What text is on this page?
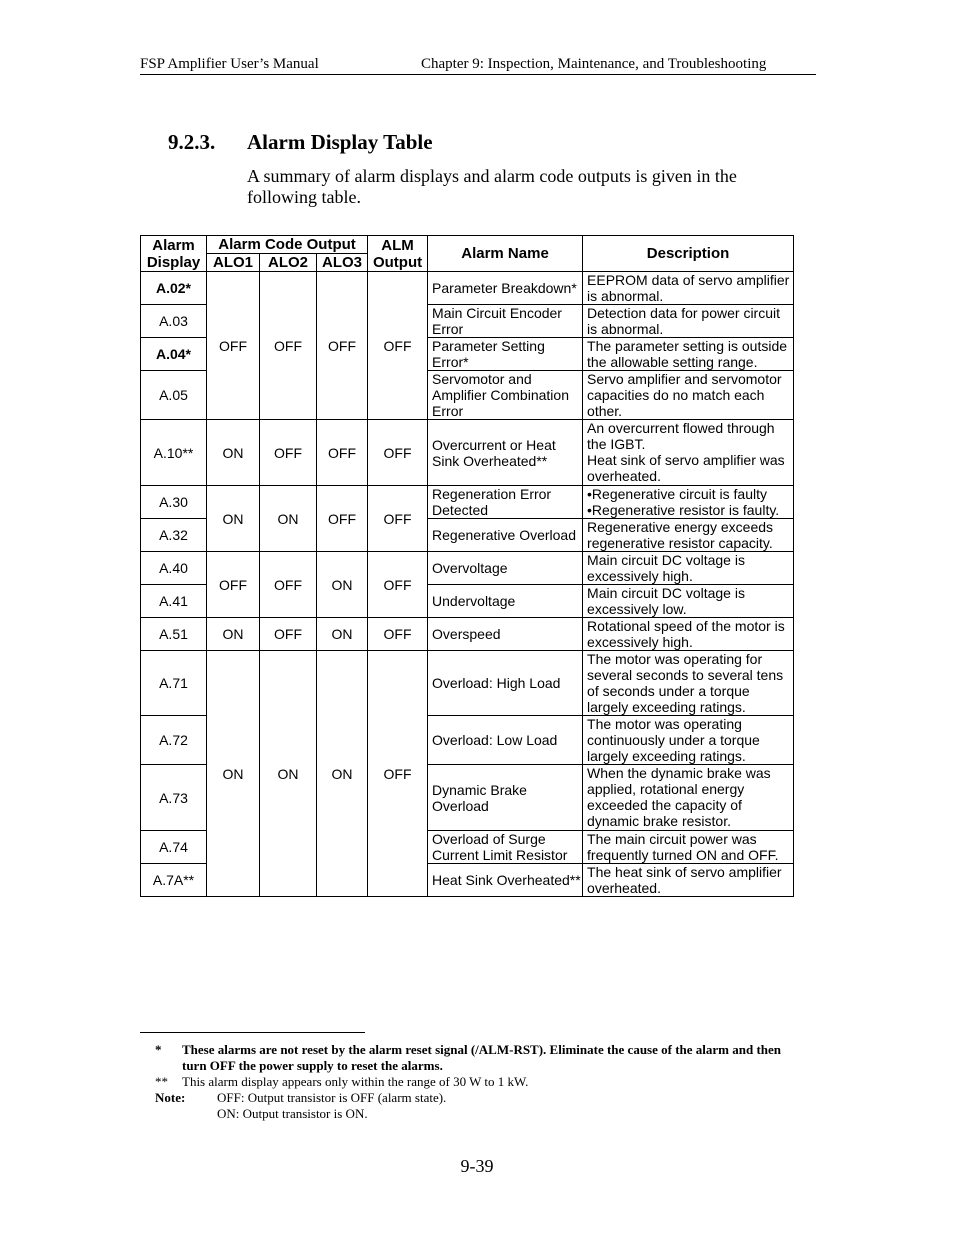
FSP Amplifier User’s Manual	Chapter 9: Inspection, Maintenance, and Troubleshooting
9.2.3. Alarm Display Table
A summary of alarm displays and alarm code outputs is given in the following table.
Alarm Display	Alarm Code Output			ALM Output	Alarm Name	Description
	ALO1	ALO2	ALO3			
A.02*	OFF	OFF	OFF	OFF	Parameter Breakdown*	EEPROM data of servo amplifier is abnormal.
A.03					Main Circuit Encoder Error	Detection data for power circuit is abnormal.
A.04*					Parameter Setting Error*	The parameter setting is outside the allowable setting range.
A.05					Servomotor and Amplifier Combination Error	Servo amplifier and servomotor capacities do no match each other.
A.10**	ON	OFF	OFF	OFF	Overcurrent or Heat Sink Overheated**	An overcurrent flowed through the IGBT.
Heat sink of servo amplifier was overheated.

A.30	ON	ON	OFF	OFF	Regeneration Error Detected	•Regenerative circuit is faulty
•Regenerative resistor is faulty.

A.32					Regenerative Overload	Regenerative energy exceeds regenerative resistor capacity.
A.40	OFF	OFF	ON	OFF	Overvoltage	Main circuit DC voltage is excessively high.
A.41					Undervoltage	Main circuit DC voltage is excessively low.
A.51	ON	OFF	ON	OFF	Overspeed	Rotational speed of the motor is excessively high.
A.71	ON	ON	ON	OFF	Overload: High Load	The motor was operating for several seconds to several tens of seconds under a torque largely exceeding ratings.
A.72					Overload: Low Load	The motor was operating continuously under a torque largely exceeding ratings.
A.73					Dynamic Brake Overload	When the dynamic brake was applied, rotational energy exceeded the capacity of dynamic brake resistor.
A.74					Overload of Surge Current Limit Resistor	The main circuit power was frequently turned ON and OFF.
A.7A**					Heat Sink Overheated**	The heat sink of servo amplifier overheated.
* These alarms are not reset by the alarm reset signal (/ALM-RST). Eliminate the cause of the alarm and then turn OFF the power supply to reset the alarms.
** This alarm display appears only within the range of 30 W to 1 kW.
Note: OFF: Output transistor is OFF (alarm state).
ON: Output transistor is ON.
9-39
